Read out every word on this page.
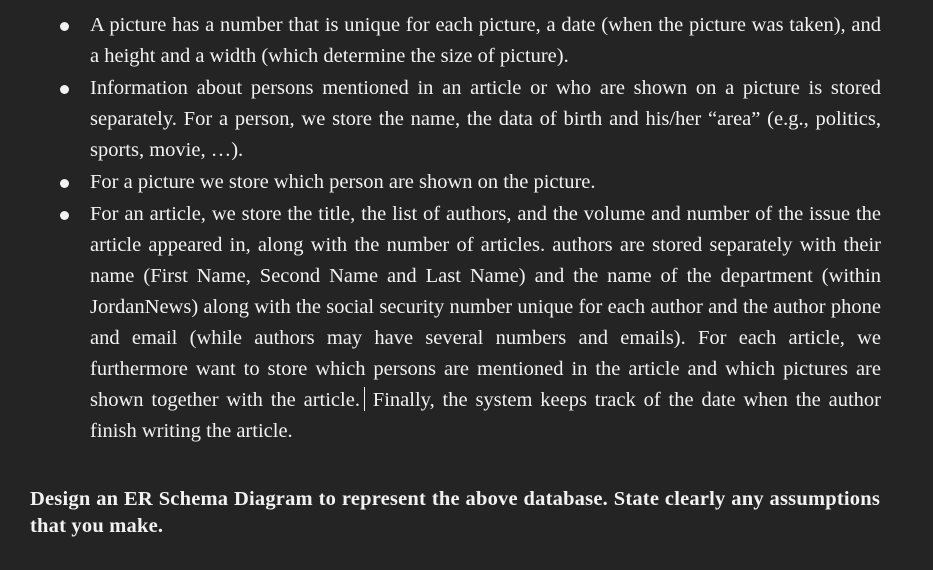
A picture has a number that is unique for each picture, a date (when the picture was taken), and a height and a width (which determine the size of picture).
Information about persons mentioned in an article or who are shown on a picture is stored separately. For a person, we store the name, the data of birth and his/her “area” (e.g., politics, sports, movie, …).
For a picture we store which person are shown on the picture.
For an article, we store the title, the list of authors, and the volume and number of the issue the article appeared in, along with the number of articles. authors are stored separately with their name (First Name, Second Name and Last Name) and the name of the department (within JordanNews) along with the social security number unique for each author and the author phone and email (while authors may have several numbers and emails). For each article, we furthermore want to store which persons are mentioned in the article and which pictures are shown together with the article. Finally, the system keeps track of the date when the author finish writing the article.

Design an ER Schema Diagram to represent the above database. State clearly any assumptions that you make.
